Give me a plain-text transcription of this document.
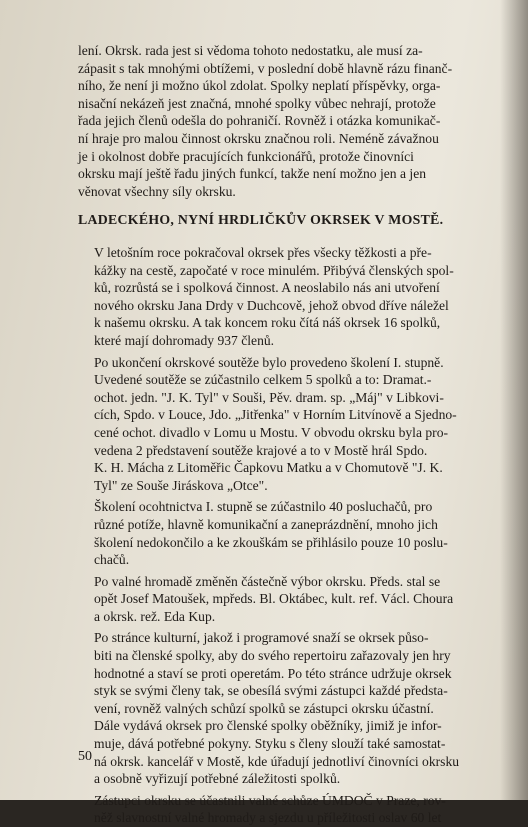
lení. Okrsk. rada jest si vědoma tohoto nedostatku, ale musí za-
zápasit s tak mnohými obtížemi, v poslední době hlavně rázu finanč-
ního, že není ji možno úkol zdolat. Spolky neplatí příspěvky, orga-
nisační nekázeň jest značná, mnohé spolky vůbec nehrají, protože
řada jejich členů odešla do pohraničí. Rovněž i otázka komunikač-
ní hraje pro malou činnost okrsku značnou roli. Neméně závažnou
je i okolnost dobře pracujících funkcionářů, protože činovníci
okrsku mají ještě řadu jiných funkcí, takže není možno jen a jen
věnovat všechny síly okrsku.

LADECKÉHO, NYNÍ HRDLIČKŮV OKRSEK V MOSTĚ.

V letošním roce pokračoval okrsek přes všecky těžkosti a pře-
kážky na cestě, započaté v roce minulém. Přibývá členských spol-
ků, rozrůstá se i spolková činnost. A neoslabilo nás ani utvoření
nového okrsku Jana Drdy v Duchcově, jehož obvod dříve náležel
k našemu okrsku. A tak koncem roku čítá náš okrsek 16 spolků,
které mají dohromady 937 členů.

Po ukončení okrskové soutěže bylo provedeno školení I. stupně.
Uvedené soutěže se zúčastnilo celkem 5 spolků a to: Dramat.-
ochot. jedn. "J. K. Tyl" v Souši, Pěv. dram. sp. „Máj" v Libkovi-
cích, Spdo. v Louce, Jdo. „Jitřenka" v Horním Litvínově a Sjedno-
cené ochot. divadlo v Lomu u Mostu. V obvodu okrsku byla pro-
vedena 2 představení soutěže krajové a to v Mostě hrál Spdo.
K. H. Mácha z Litoměřic Čapkovu Matku a v Chomutově "J. K.
Tyl" ze Souše Jiráskova „Otce".

Školení ocohtnictva I. stupně se zúčastnilo 40 posluchačů, pro
různé potíže, hlavně komunikační a zaneprázdnění, mnoho jich
školení nedokončilo a ke zkouškám se přihlásilo pouze 10 poslu-
chačů.

Po valné hromadě změněn částečně výbor okrsku. Předs. stal se
opět Josef Matoušek, mpředs. Bl. Oktábec, kult. ref. Václ. Choura
a okrsk. rež. Eda Kup.

Po stránce kulturní, jakož i programové snaží se okrsek půso-
biti na členské spolky, aby do svého repertoiru zařazovaly jen hry
hodnotné a staví se proti operetám. Po této stránce udržuje okrsek
styk se svými členy tak, se obesílá svými zástupci každé předsta-
vení, rovněž valných schůzí spolků se zástupci okrsku účastní.
Dále vydává okrsek pro členské spolky oběžníky, jimiž je infor-
muje, dává potřebné pokyny. Styku s členy slouží také samostat-
ná okrsk. kancelář v Mostě, kde úřadují jednotliví činovníci okrsku
a osobně vyřizují potřebné záležitosti spolků.

Zástupci okrsku se účastnili valné schůze ÚMDOČ v Praze, rov-
něž slavnostní valné hromady a sjezdu u příležitosti oslav 60 let

50
